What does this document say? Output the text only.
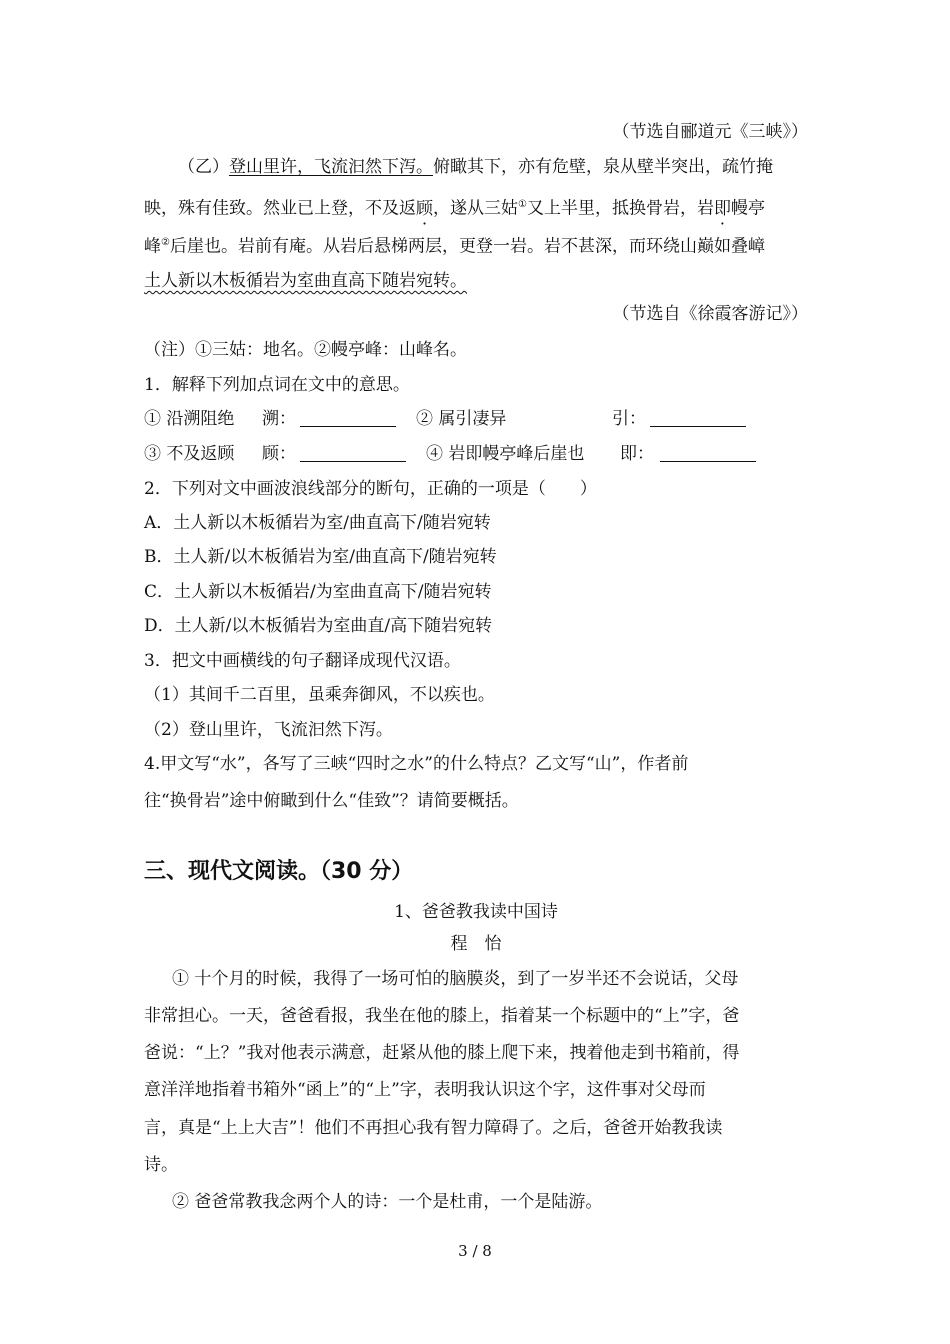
（节选自郦道元《三峡》）
（乙）登山里许，飞流汩然下泻。俯瞰其下，亦有危壁，泉从壁半突出，疏竹掩
映，殊有佳致。然业已上登，不及返顾，遂从三姑①又上半里，抵换骨岩，岩即幔亭
峰②后崖也。岩前有庵。从岩后悬梯两层，更登一岩。岩不甚深，而环绕山巅如叠嶂
土人新以木板循岩为室曲直高下随岩宛转。
（节选自《徐霞客游记》）
（注）①三姑：地名。②幔亭峰：山峰名。
1．解释下列加点词在文中的意思。
① 沿溯阻绝 溯：	② 属引凄异	引：
③ 不及返顾 顾：	④ 岩即幔亭峰后崖也 即：
2．下列对文中画波浪线部分的断句，正确的一项是（　　）
A．土人新以木板循岩为室/曲直高下/随岩宛转
B．土人新/以木板循岩为室/曲直高下/随岩宛转
C．土人新以木板循岩/为室曲直高下/随岩宛转
D．土人新/以木板循岩为室曲直/高下随岩宛转
3．把文中画横线的句子翻译成现代汉语。
（1）其间千二百里，虽乘奔御风，不以疾也。
（2）登山里许，飞流汩然下泻。
4.甲文写“水”，各写了三峡“四时之水”的什么特点？乙文写“山”，作者前
往“换骨岩”途中俯瞰到什么“佳致”？请简要概括。
三、现代文阅读。（30 分）
1、爸爸教我读中国诗
程　怡
① 十个月的时候，我得了一场可怕的脑膜炎，到了一岁半还不会说话，父母
非常担心。一天，爸爸看报，我坐在他的膝上，指着某一个标题中的“上”字，爸
爸说：“上？”我对他表示满意，赶紧从他的膝上爬下来，拽着他走到书箱前，得
意洋洋地指着书箱外“函上”的“上”字，表明我认识这个字，这件事对父母而
言，真是“上上大吉”！他们不再担心我有智力障碍了。之后，爸爸开始教我读
诗。
② 爸爸常教我念两个人的诗：一个是杜甫，一个是陆游。
3 / 8
